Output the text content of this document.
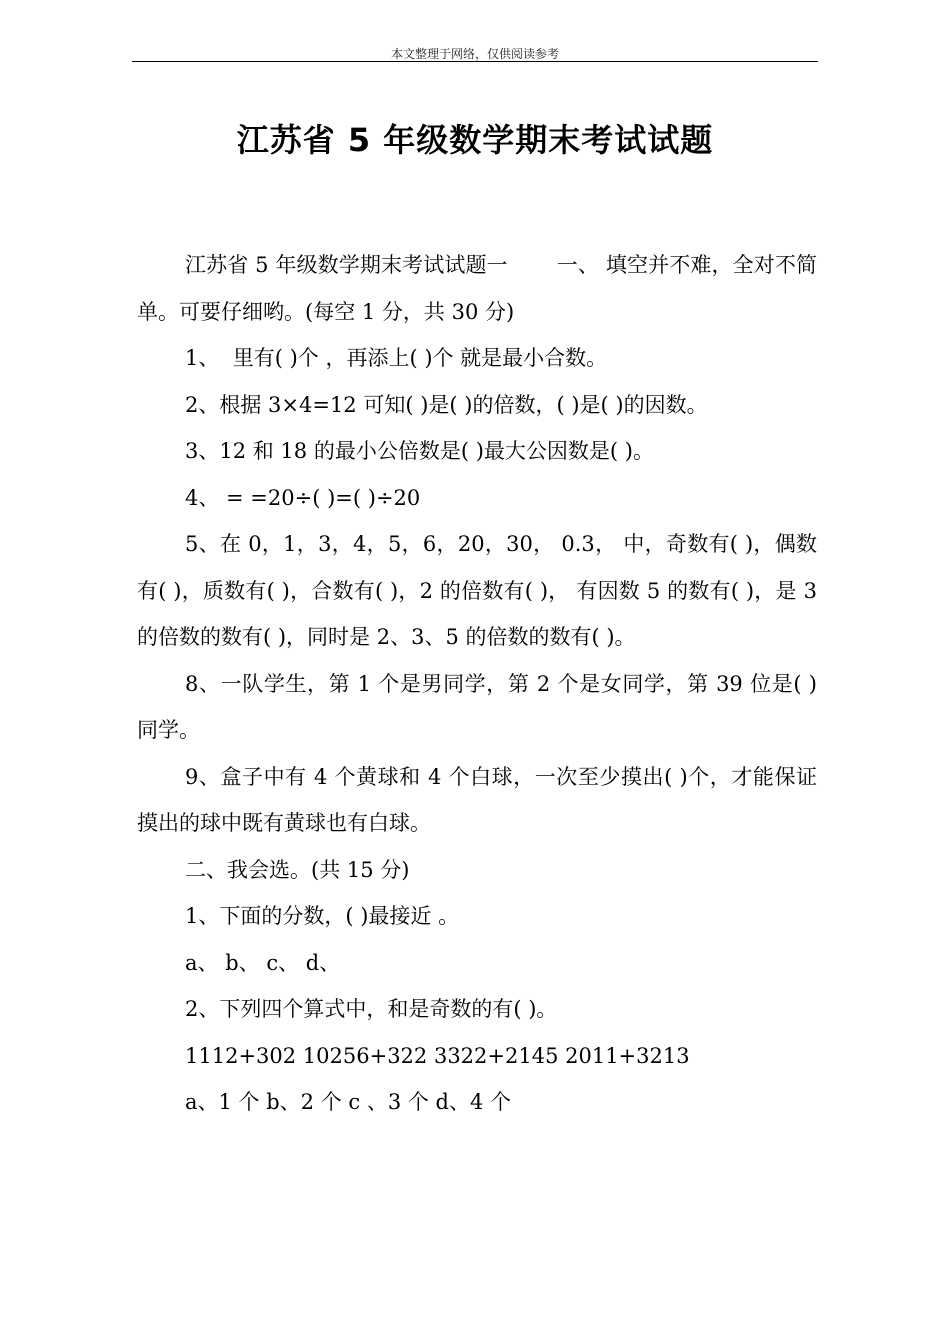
本文整理于网络，仅供阅读参考
江苏省 5 年级数学期末考试试题

江苏省 5 年级数学期末考试试题一　　 一、 填空并不难，全对不简单。可要仔细哟。(每空 1 分，共 30 分)

1、  里有( )个 ，再添上( )个 就是最小合数。

2、根据 3×4=12 可知( )是( )的倍数，( )是( )的因数。

3、12 和 18 的最小公倍数是( )最大公因数是( )。

4、 = =20÷( )=( )÷20

5、在 0，1，3，4，5，6，20，30， 0.3， 中，奇数有( )，偶数有( )，质数有( )，合数有( )，2 的倍数有( )， 有因数 5 的数有( )，是 3 的倍数的数有( )，同时是 2、3、5 的倍数的数有( )。

8、一队学生，第 1 个是男同学，第 2 个是女同学，第 39 位是( )同学。

9、盒子中有 4 个黄球和 4 个白球，一次至少摸出( )个，才能保证摸出的球中既有黄球也有白球。

二、我会选。(共 15 分)

1、下面的分数，( )最接近 。

a、 b、 c、 d、

2、下列四个算式中，和是奇数的有( )。

1112+302 10256+322 3322+2145 2011+3213

a、1 个 b、2 个 c 、3 个 d、4 个
